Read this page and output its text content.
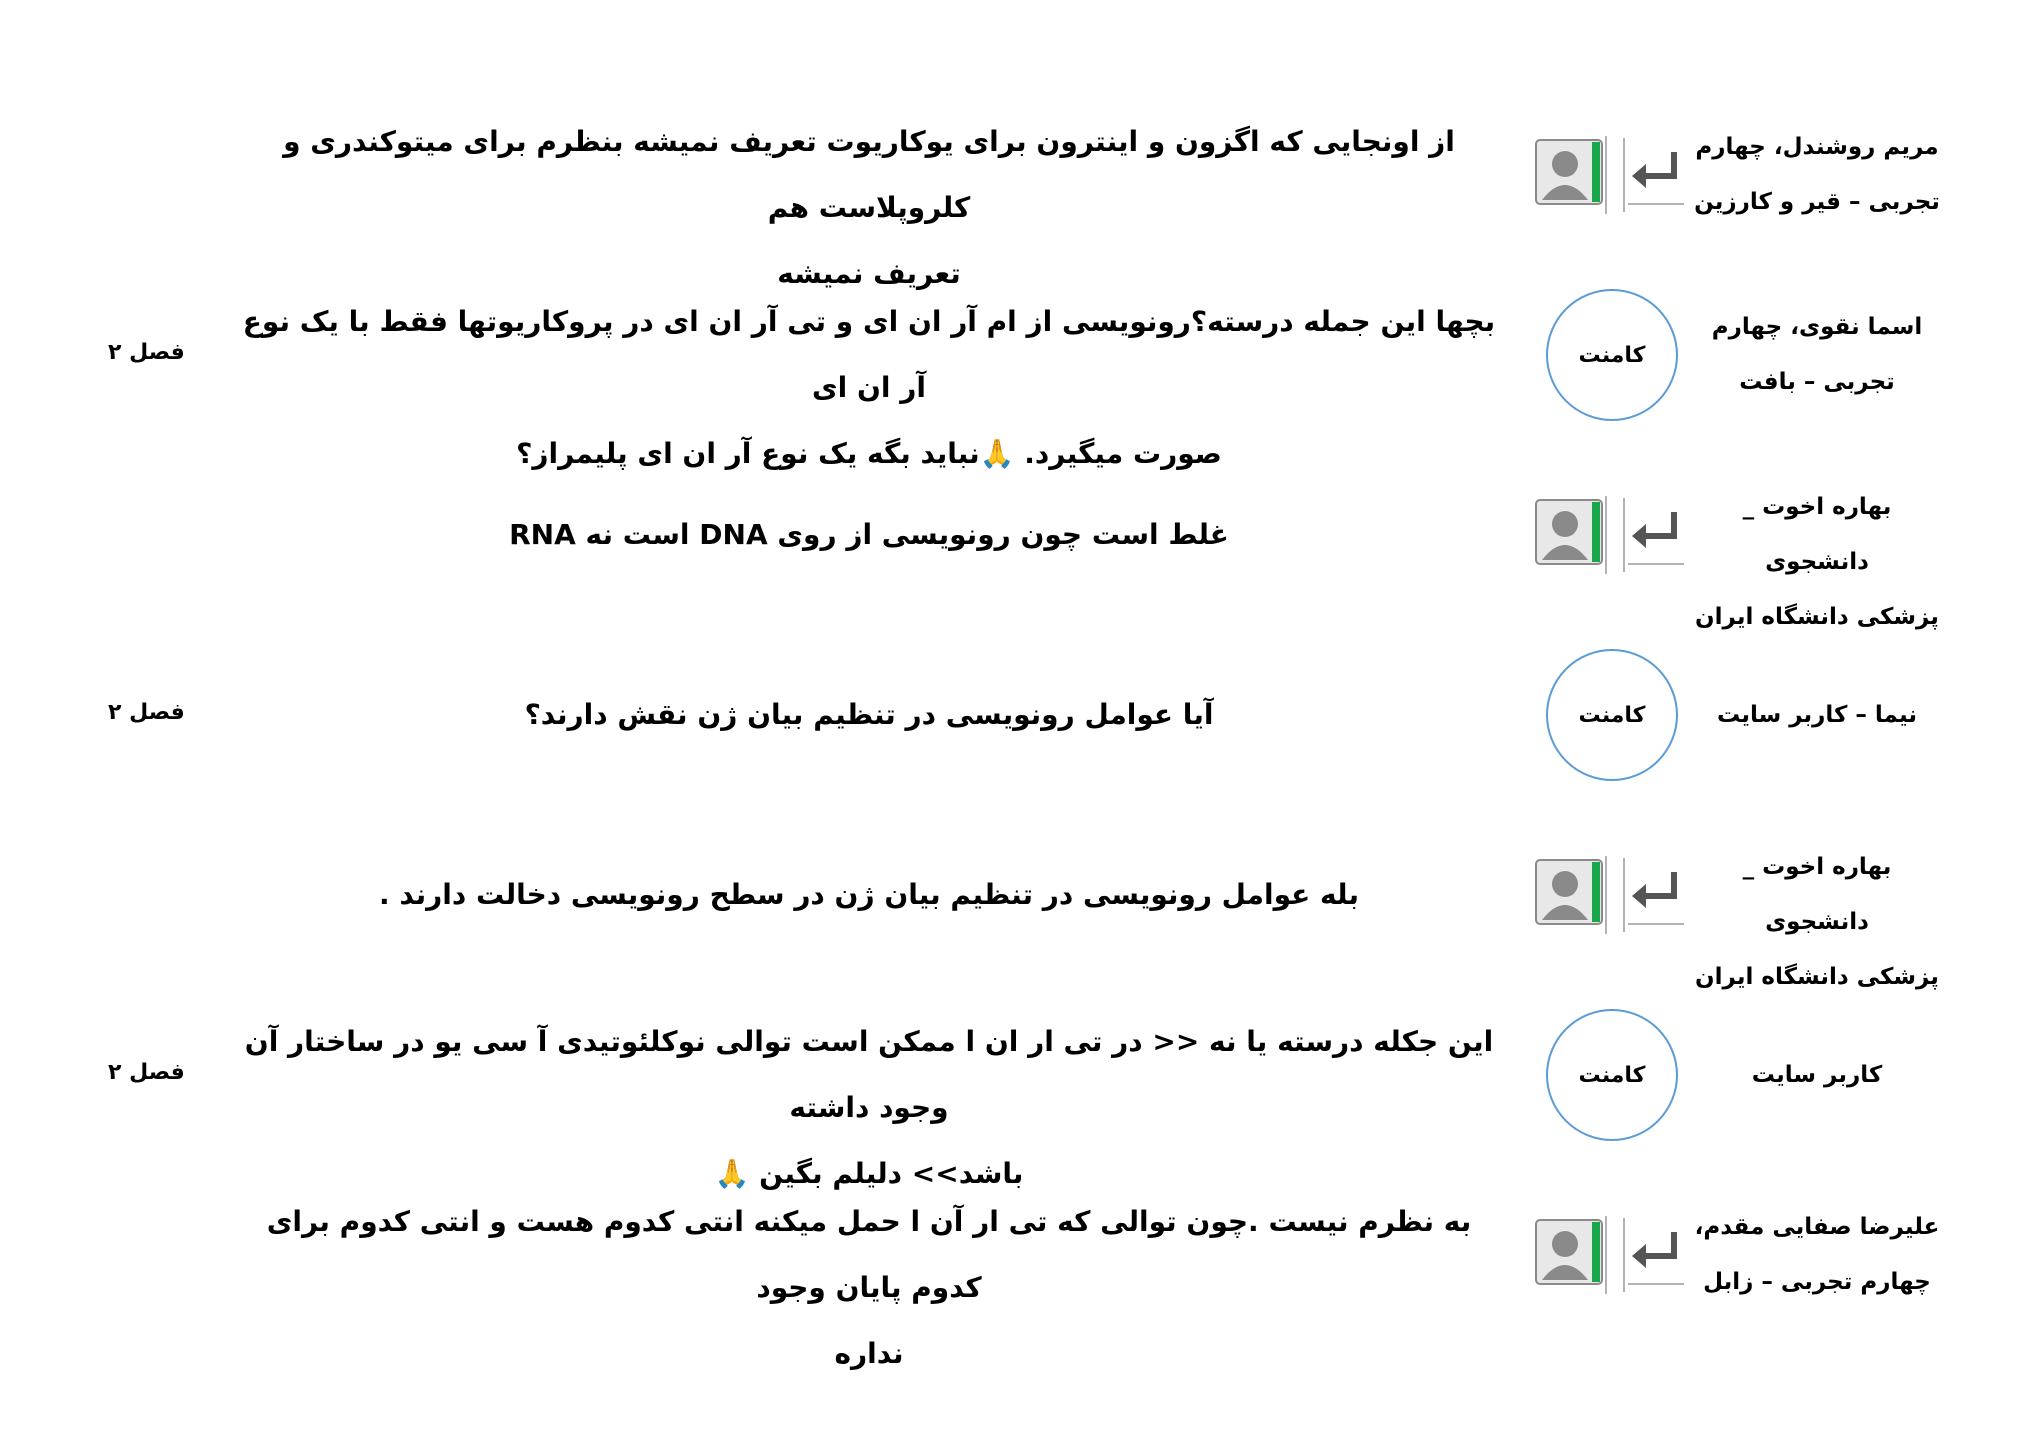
مریم روشندل، چهارم
تجربی – قیر و کارزین
از اونجایی که اگزون و اینترون برای یوکاریوت تعریف نمیشه بنظرم برای میتوکندری و کلروپلاست هم
تعریف نمیشه
اسما نقوی، چهارم
تجربی – بافت
کامنت
بچها این جمله درسته؟رونویسی از ام آر ان ای و تی آر ان ای در پروکاریوتها فقط با یک نوع آر ان ای
صورت میگیرد. 🙏نباید بگه یک نوع آر ان ای پلیمراز؟
فصل ۲
بهاره اخوت _ دانشجوی
پزشکی دانشگاه ایران
غلط است چون رونویسی از روی DNA است نه RNA
نیما – کاربر سایت
کامنت
آیا عوامل رونویسی در تنظیم بیان ژن نقش دارند؟
فصل ۲
بهاره اخوت _ دانشجوی
پزشکی دانشگاه ایران
بله عوامل رونویسی در تنظیم بیان ژن در سطح رونویسی دخالت دارند .
کاربر سایت
کامنت
این جکله درسته یا نه << در تی ار ان ا ممکن است توالی نوکلئوتیدی آ سی یو در ساختار آن وجود داشته
باشد>> دلیلم بگین 🙏
فصل ۲
علیرضا صفایی مقدم،
چهارم تجربی – زابل
به نظرم نیست .چون توالی که تی ار آن ا حمل میکنه انتی کدوم هست و انتی کدوم برای کدوم پایان وجود
نداره
